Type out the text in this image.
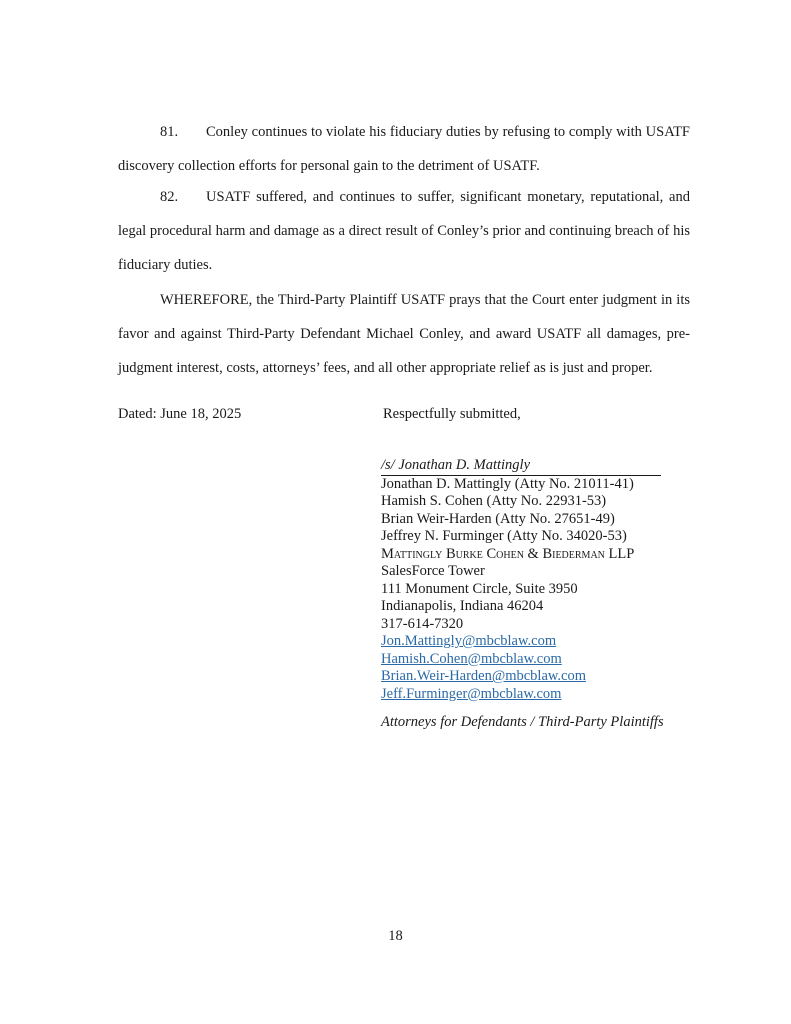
81. Conley continues to violate his fiduciary duties by refusing to comply with USATF discovery collection efforts for personal gain to the detriment of USATF.

82. USATF suffered, and continues to suffer, significant monetary, reputational, and legal procedural harm and damage as a direct result of Conley’s prior and continuing breach of his fiduciary duties.

WHEREFORE, the Third-Party Plaintiff USATF prays that the Court enter judgment in its favor and against Third-Party Defendant Michael Conley, and award USATF all damages, pre-judgment interest, costs, attorneys’ fees, and all other appropriate relief as is just and proper.

Dated: June 18, 2025	Respectfully submitted,
/s/ Jonathan D. Mattingly
Jonathan D. Mattingly (Atty No. 21011-41)
Hamish S. Cohen (Atty No. 22931-53)
Brian Weir-Harden (Atty No. 27651-49)
Jeffrey N. Furminger (Atty No. 34020-53)
Mattingly Burke Cohen & Biederman LLP
SalesForce Tower
111 Monument Circle, Suite 3950
Indianapolis, Indiana 46204
317-614-7320
Jon.Mattingly@mbcblaw.com
Hamish.Cohen@mbcblaw.com
Brian.Weir-Harden@mbcblaw.com
Jeff.Furminger@mbcblaw.com
Attorneys for Defendants / Third-Party Plaintiffs
18
